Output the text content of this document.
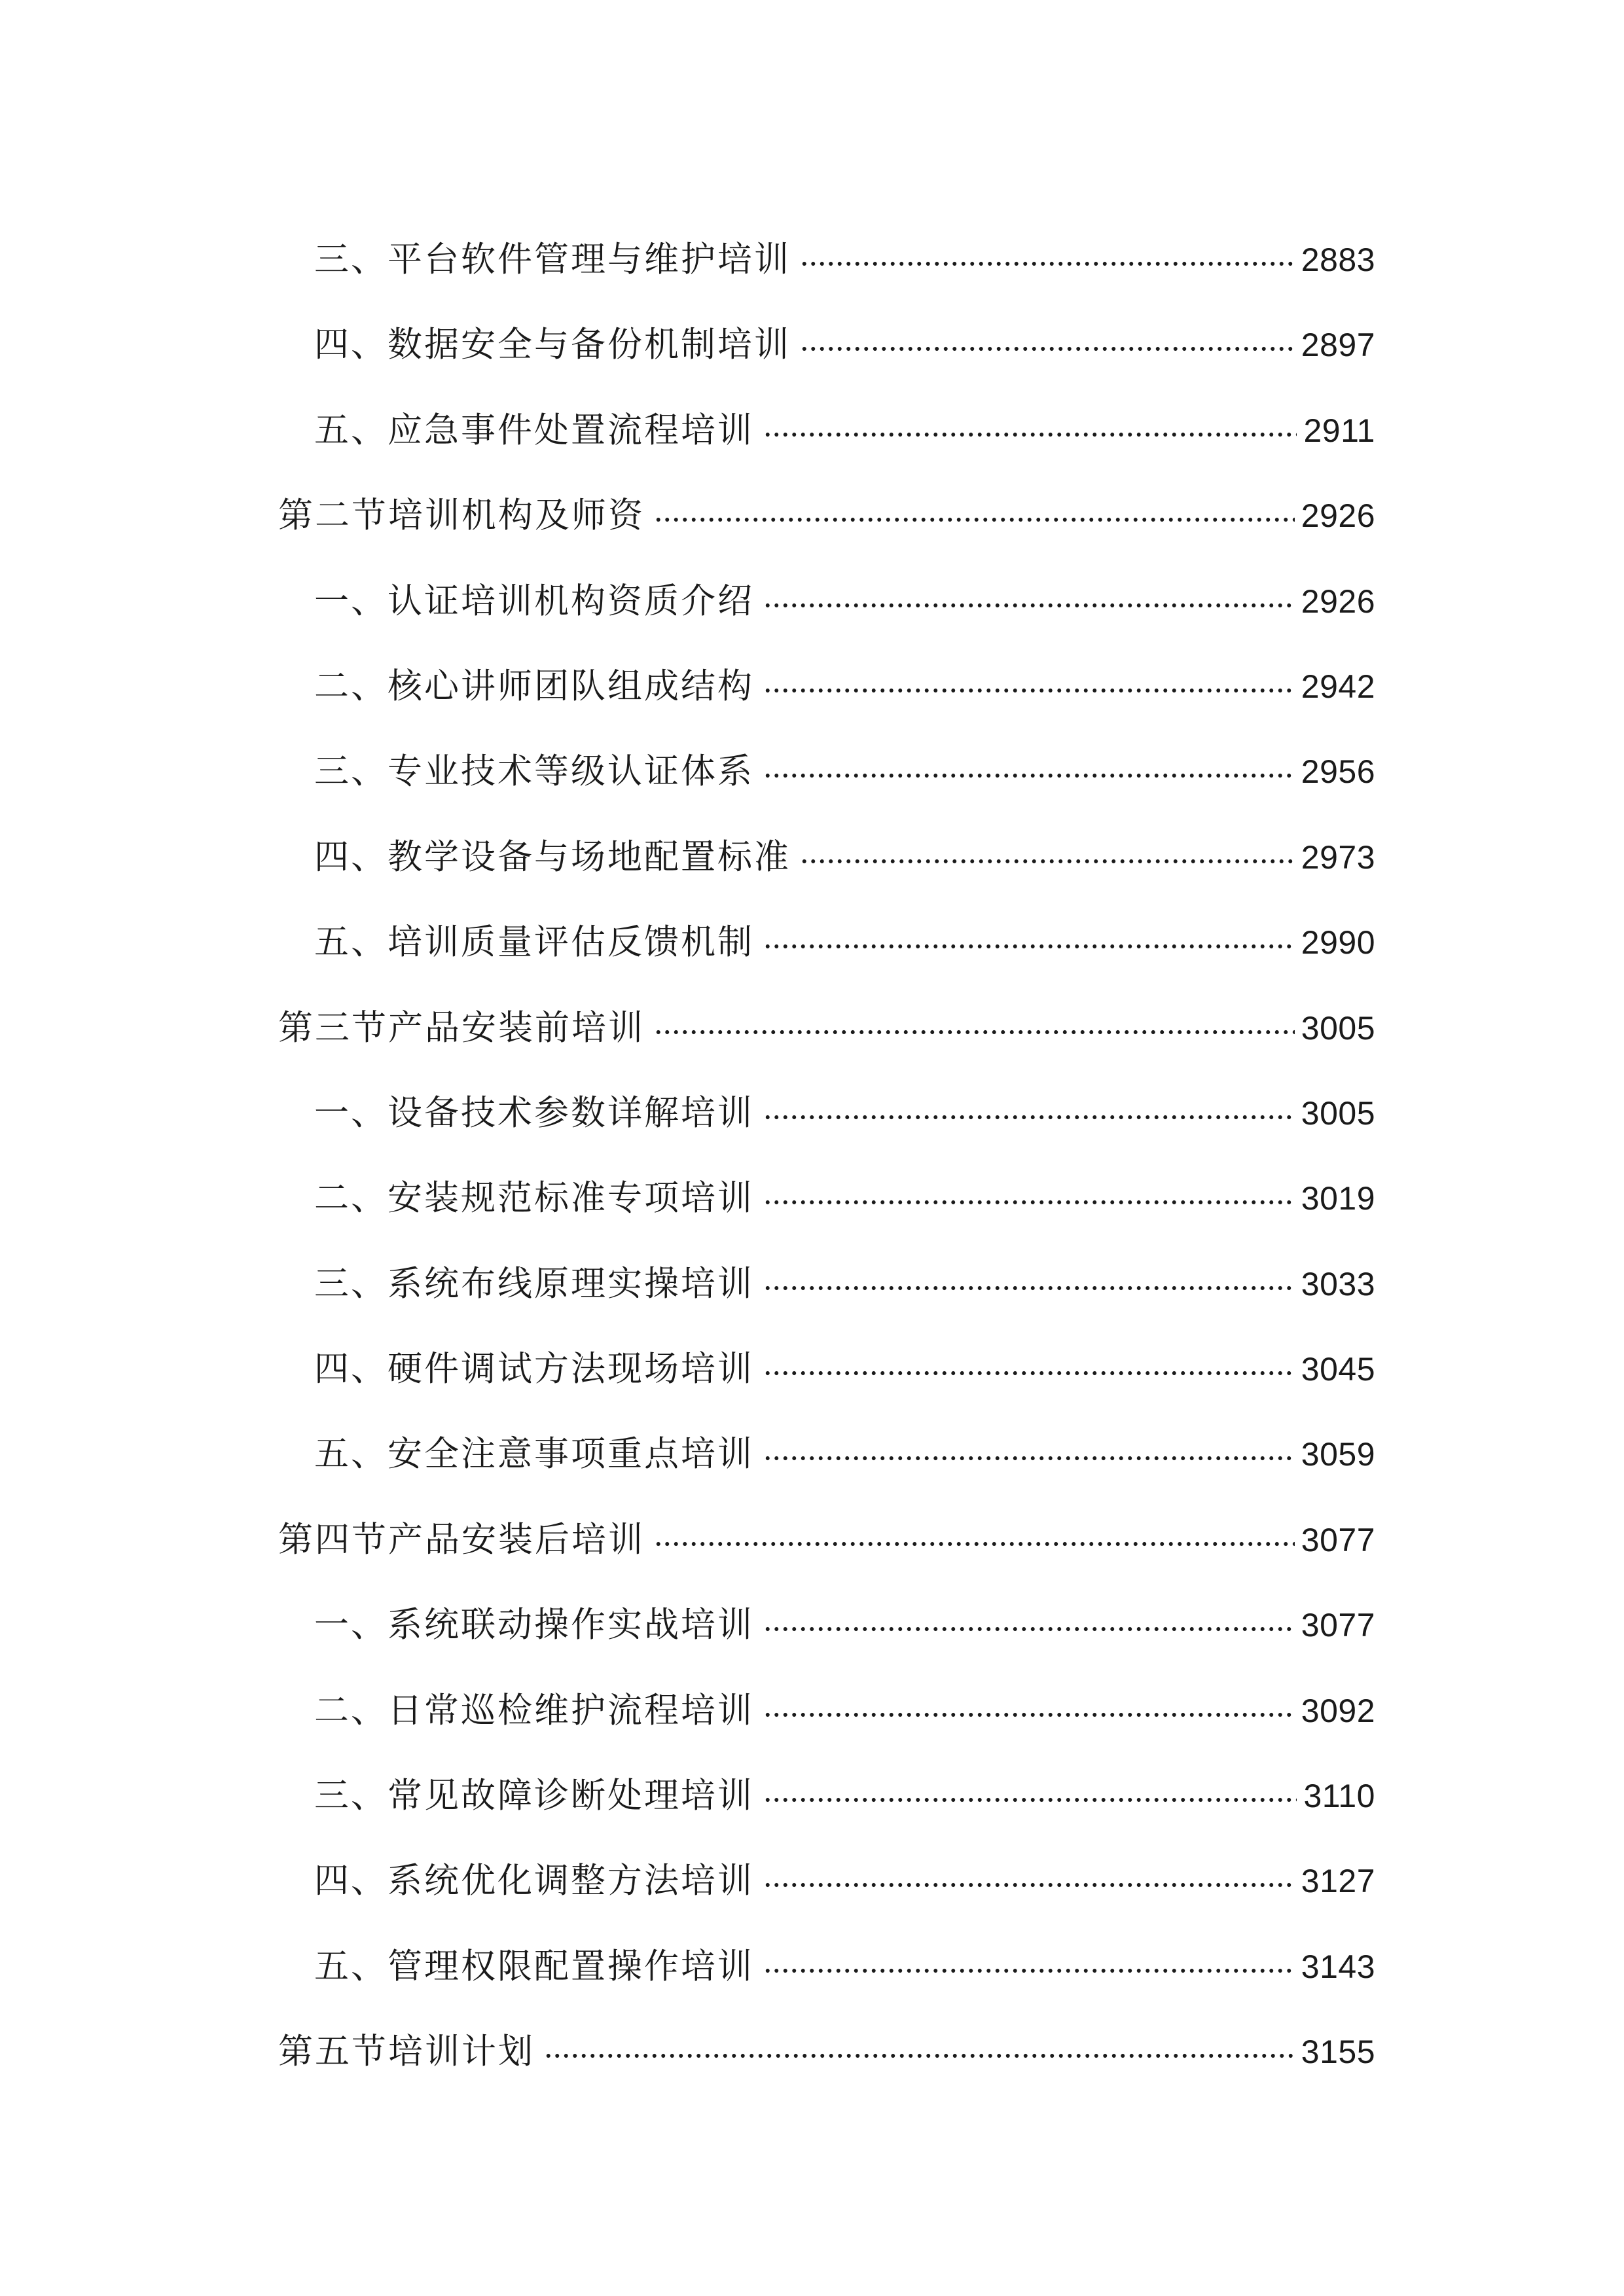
三、平台软件管理与维护培训	2883
四、数据安全与备份机制培训	2897
五、应急事件处置流程培训	2911
第二节培训机构及师资	2926
一、认证培训机构资质介绍	2926
二、核心讲师团队组成结构	2942
三、专业技术等级认证体系	2956
四、教学设备与场地配置标准	2973
五、培训质量评估反馈机制	2990
第三节产品安装前培训	3005
一、设备技术参数详解培训	3005
二、安装规范标准专项培训	3019
三、系统布线原理实操培训	3033
四、硬件调试方法现场培训	3045
五、安全注意事项重点培训	3059
第四节产品安装后培训	3077
一、系统联动操作实战培训	3077
二、日常巡检维护流程培训	3092
三、常见故障诊断处理培训	3110
四、系统优化调整方法培训	3127
五、管理权限配置操作培训	3143
第五节培训计划	3155
